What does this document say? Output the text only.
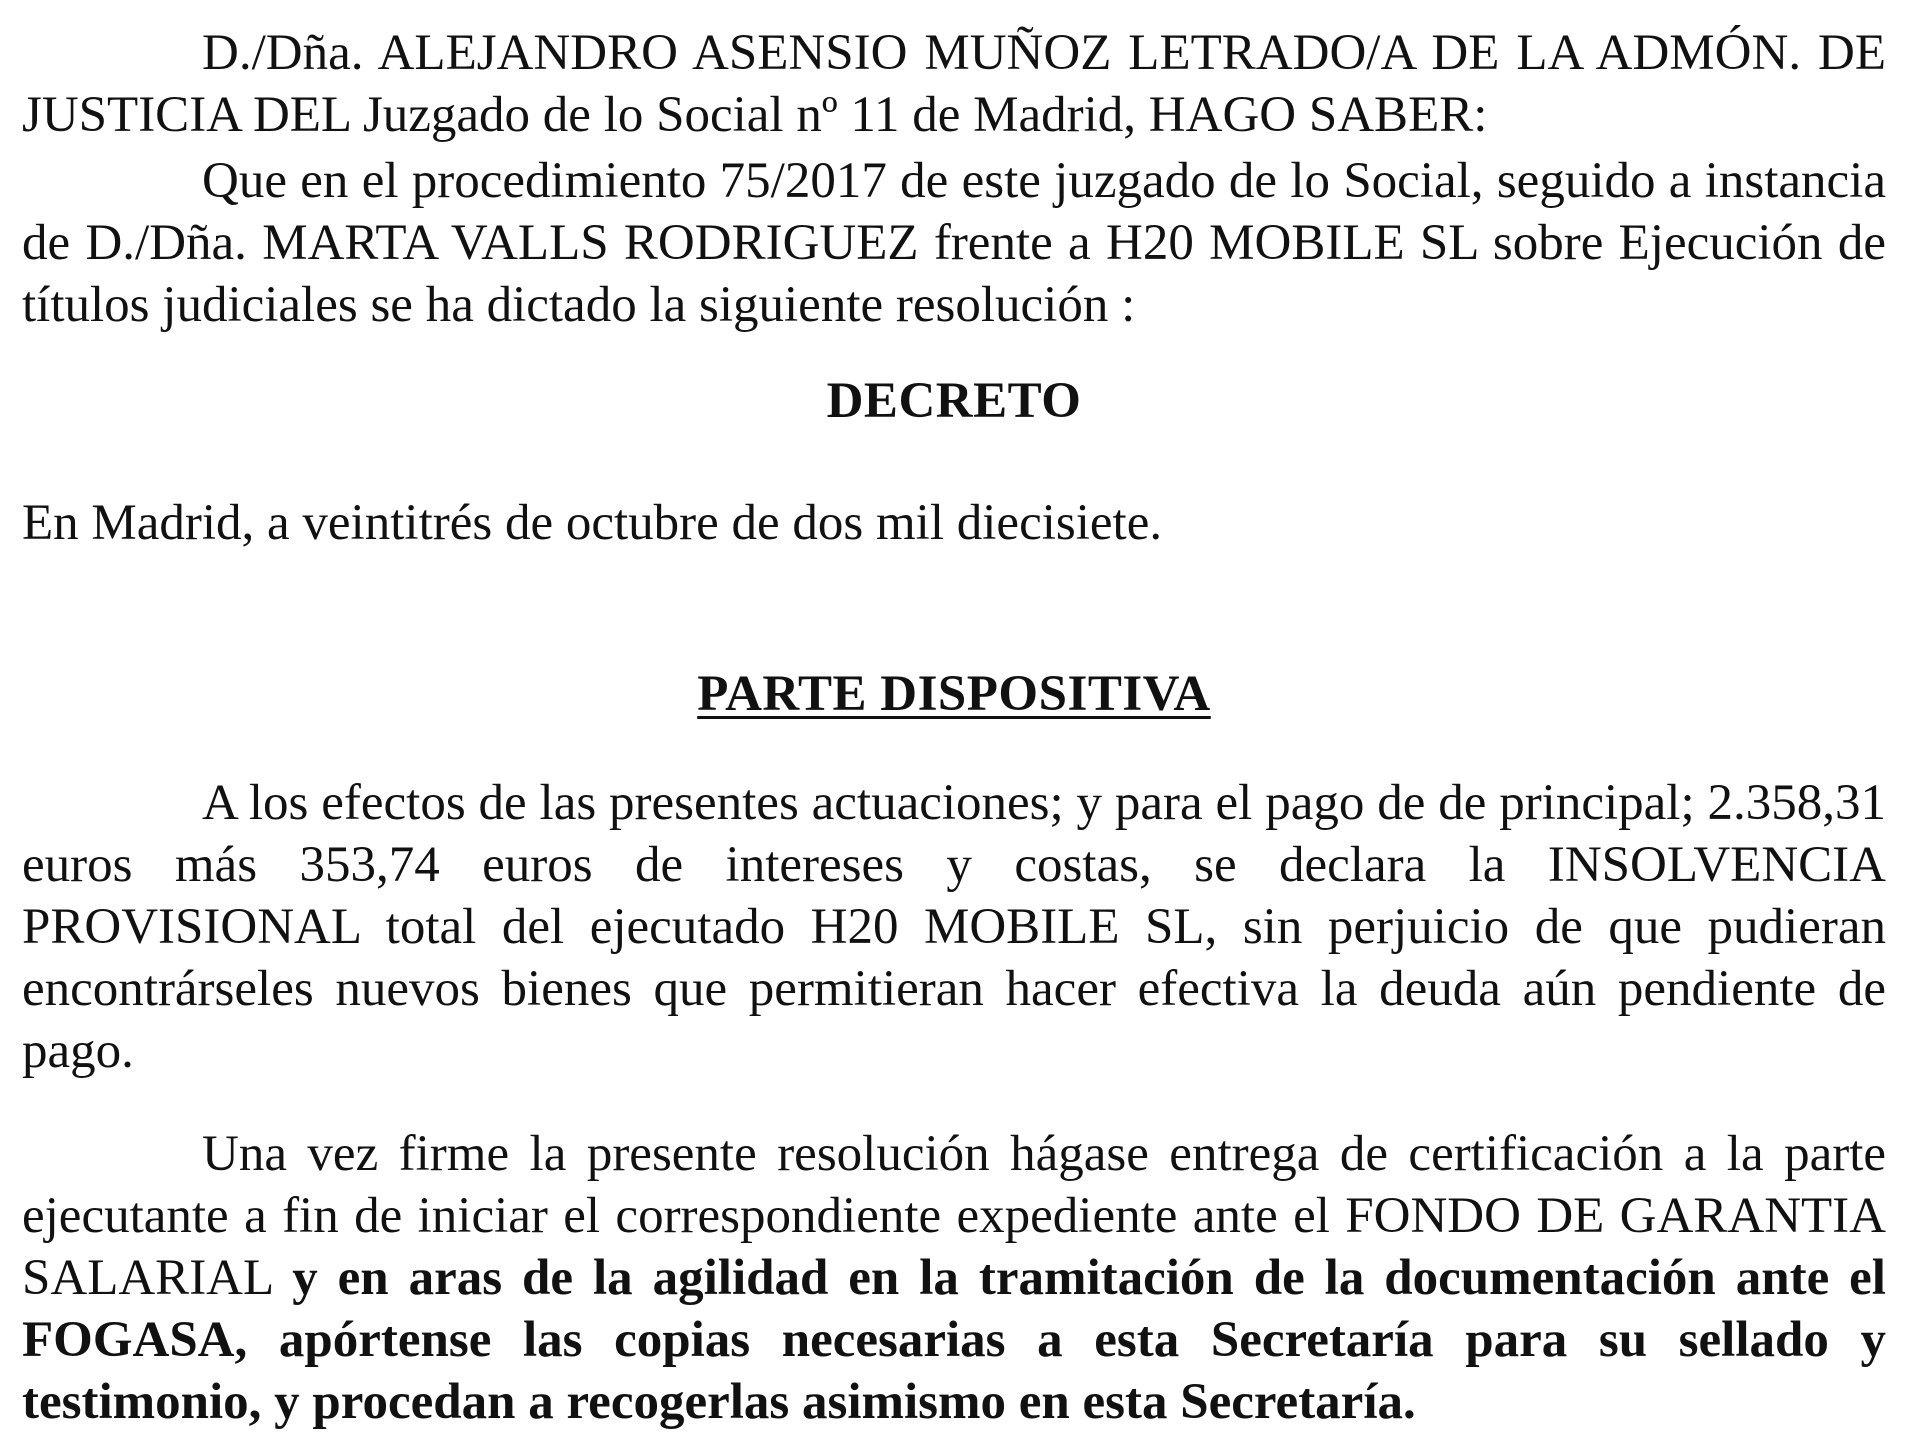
D./Dña. ALEJANDRO ASENSIO MUÑOZ LETRADO/A DE LA ADMÓN. DE JUSTICIA DEL Juzgado de lo Social nº 11 de Madrid, HAGO SABER:

Que en el procedimiento 75/2017 de este juzgado de lo Social, seguido a instancia de D./Dña. MARTA VALLS RODRIGUEZ frente a H20 MOBILE SL sobre Ejecución de títulos judiciales se ha dictado la siguiente resolución :

DECRETO

En Madrid, a veintitrés de octubre de dos mil diecisiete.

PARTE DISPOSITIVA

A los efectos de las presentes actuaciones; y para el pago de de principal; 2.358,31 euros más 353,74 euros de intereses y costas, se declara la INSOLVENCIA PROVISIONAL total del ejecutado H20 MOBILE SL, sin perjuicio de que pudieran encontrárseles nuevos bienes que permitieran hacer efectiva la deuda aún pendiente de pago.

Una vez firme la presente resolución hágase entrega de certificación a la parte ejecutante a fin de iniciar el correspondiente expediente ante el FONDO DE GARANTIA SALARIAL y en aras de la agilidad en la tramitación de la documentación ante el FOGASA, apórtense las copias necesarias a esta Secretaría para su sellado y testimonio, y procedan a recogerlas asimismo en esta Secretaría.
